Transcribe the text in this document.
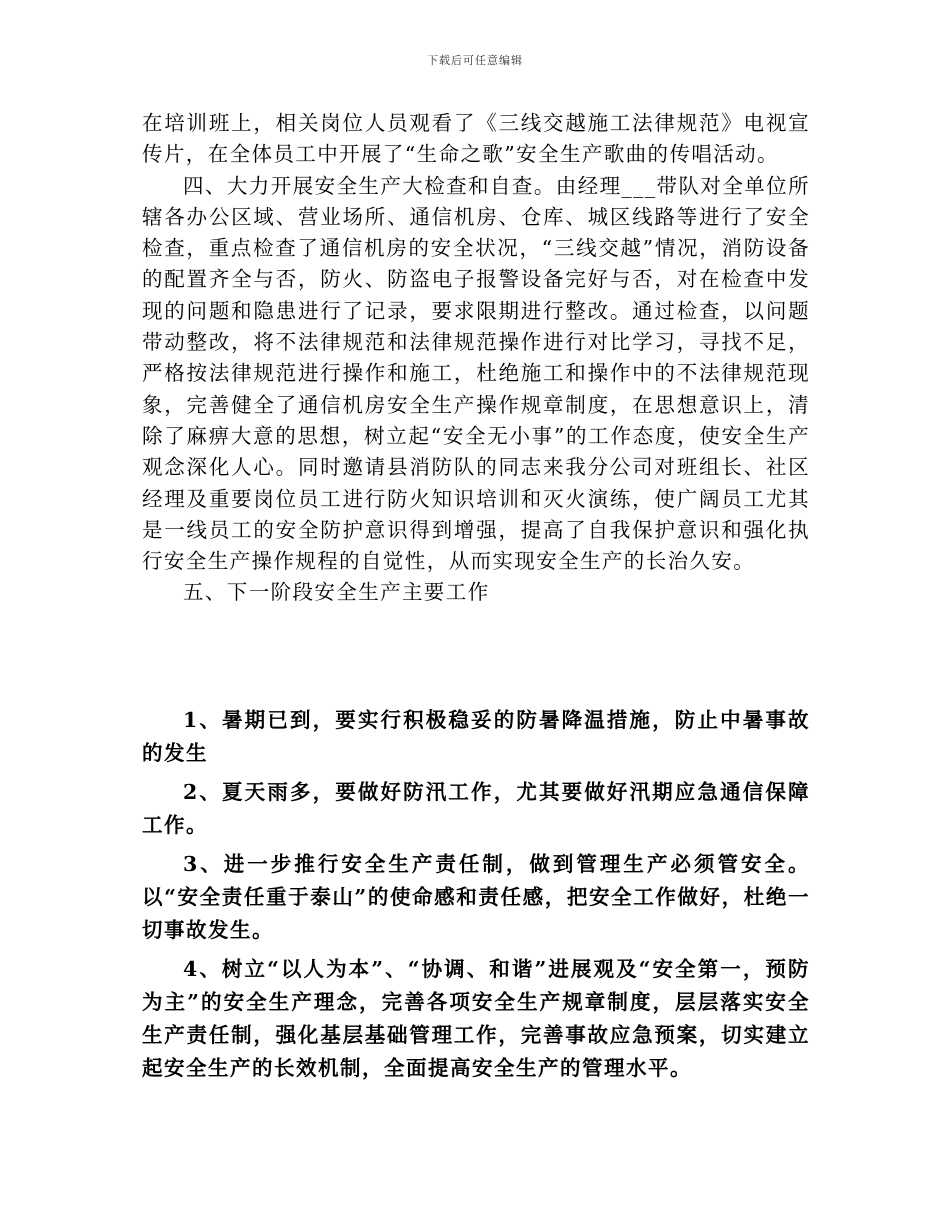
下载后可任意编辑

在培训班上，相关岗位人员观看了《三线交越施工法律规范》电视宣传片，在全体员工中开展了“生命之歌”安全生产歌曲的传唱活动。

四、大力开展安全生产大检查和自查。由经理___带队对全单位所辖各办公区域、营业场所、通信机房、仓库、城区线路等进行了安全检查，重点检查了通信机房的安全状况，“三线交越”情况，消防设备的配置齐全与否，防火、防盗电子报警设备完好与否，对在检查中发现的问题和隐患进行了记录，要求限期进行整改。通过检查，以问题带动整改，将不法律规范和法律规范操作进行对比学习，寻找不足，严格按法律规范进行操作和施工，杜绝施工和操作中的不法律规范现象，完善健全了通信机房安全生产操作规章制度，在思想意识上，清除了麻痹大意的思想，树立起“安全无小事”的工作态度，使安全生产观念深化人心。同时邀请县消防队的同志来我分公司对班组长、社区经理及重要岗位员工进行防火知识培训和灭火演练，使广阔员工尤其是一线员工的安全防护意识得到增强，提高了自我保护意识和强化执行安全生产操作规程的自觉性，从而实现安全生产的长治久安。

五、下一阶段安全生产主要工作

1、暑期已到，要实行积极稳妥的防暑降温措施，防止中暑事故的发生

2、夏天雨多，要做好防汛工作，尤其要做好汛期应急通信保障工作。

3、进一步推行安全生产责任制，做到管理生产必须管安全。以“安全责任重于泰山”的使命感和责任感，把安全工作做好，杜绝一切事故发生。

4、树立“以人为本”、“协调、和谐”进展观及“安全第一，预防为主”的安全生产理念，完善各项安全生产规章制度，层层落实安全生产责任制，强化基层基础管理工作，完善事故应急预案，切实建立起安全生产的长效机制，全面提高安全生产的管理水平。
